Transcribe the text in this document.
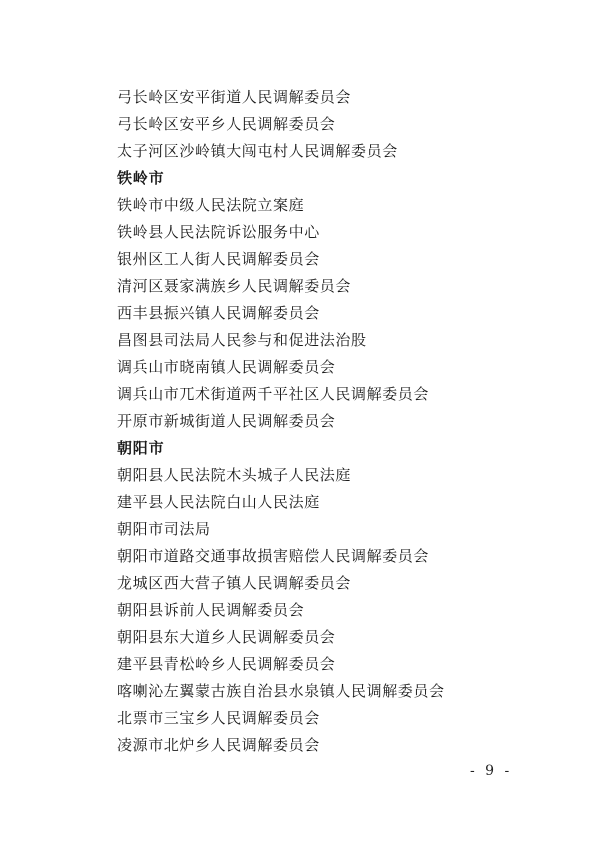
弓长岭区安平街道人民调解委员会
弓长岭区安平乡人民调解委员会
太子河区沙岭镇大闯屯村人民调解委员会
铁岭市
铁岭市中级人民法院立案庭
铁岭县人民法院诉讼服务中心
银州区工人街人民调解委员会
清河区聂家满族乡人民调解委员会
西丰县振兴镇人民调解委员会
昌图县司法局人民参与和促进法治股
调兵山市晓南镇人民调解委员会
调兵山市兀术街道两千平社区人民调解委员会
开原市新城街道人民调解委员会
朝阳市
朝阳县人民法院木头城子人民法庭
建平县人民法院白山人民法庭
朝阳市司法局
朝阳市道路交通事故损害赔偿人民调解委员会
龙城区西大营子镇人民调解委员会
朝阳县诉前人民调解委员会
朝阳县东大道乡人民调解委员会
建平县青松岭乡人民调解委员会
喀喇沁左翼蒙古族自治县水泉镇人民调解委员会
北票市三宝乡人民调解委员会
凌源市北炉乡人民调解委员会
- 9 -
